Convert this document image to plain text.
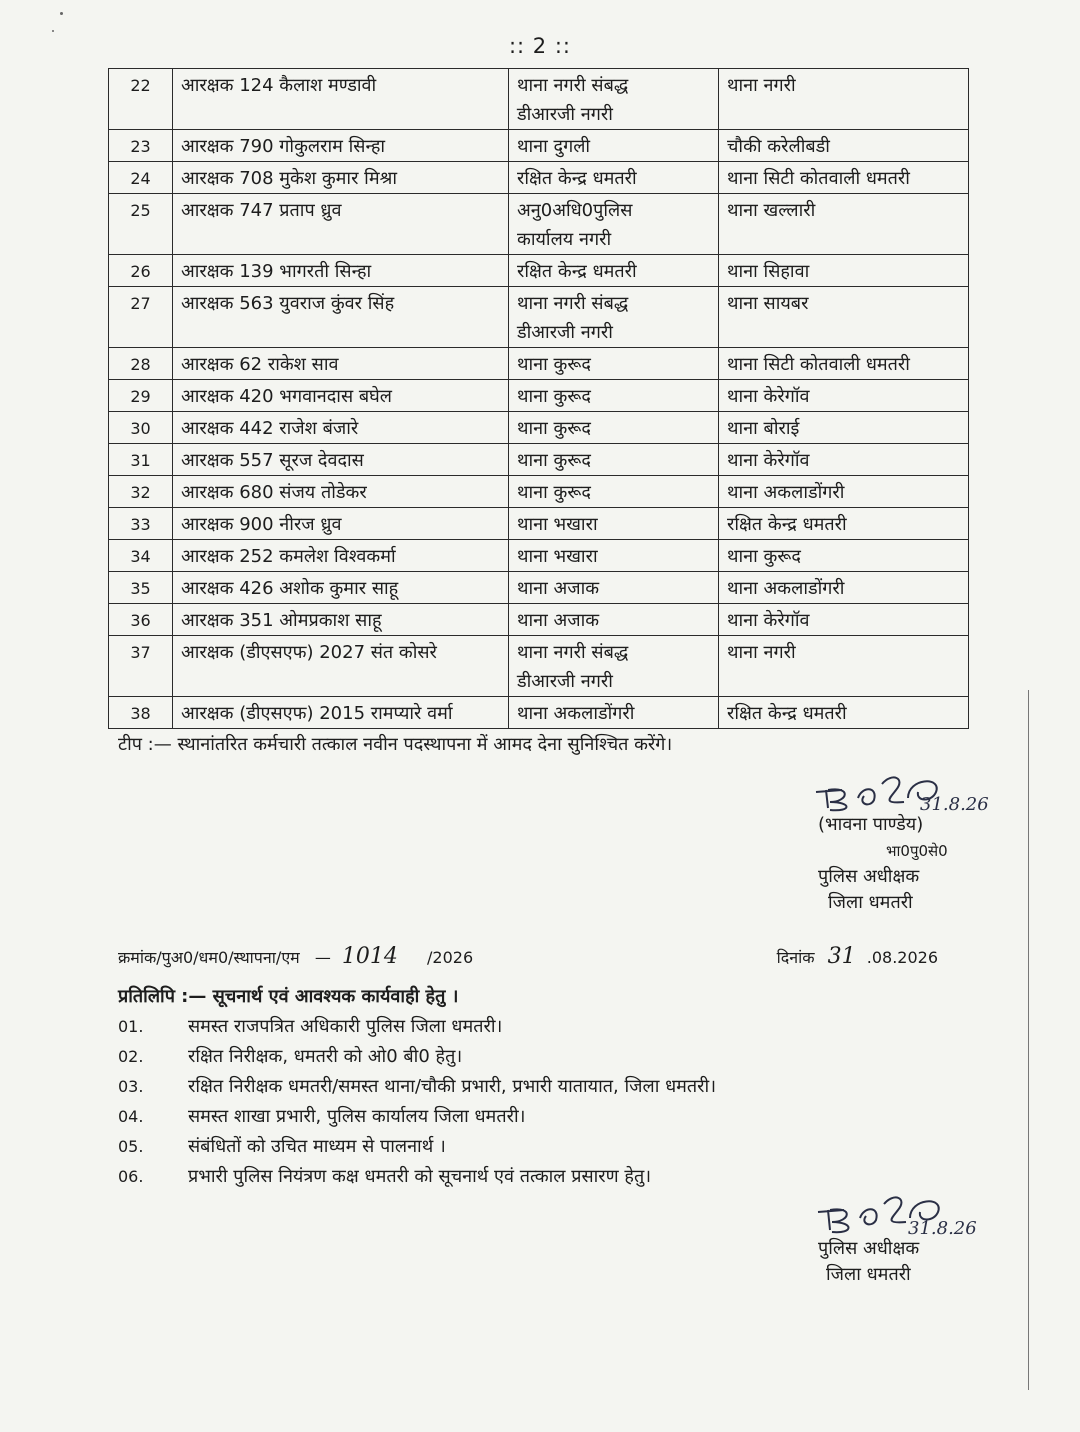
:: 2 ::
22	आरक्षक 124 कैलाश मण्डावी	थाना नगरी संबद्ध
डीआरजी नगरी	थाना नगरी
23	आरक्षक 790 गोकुलराम सिन्हा	थाना दुगली	चौकी करेलीबडी
24	आरक्षक 708 मुकेश कुमार मिश्रा	रक्षित केन्द्र धमतरी	थाना सिटी कोतवाली धमतरी
25	आरक्षक 747 प्रताप ध्रुव	अनु0अधि0पुलिस
कार्यालय नगरी	थाना खल्लारी
26	आरक्षक 139 भागरती सिन्हा	रक्षित केन्द्र धमतरी	थाना सिहावा
27	आरक्षक 563 युवराज कुंवर सिंह	थाना नगरी संबद्ध
डीआरजी नगरी	थाना सायबर
28	आरक्षक 62 राकेश साव	थाना कुरूद	थाना सिटी कोतवाली धमतरी
29	आरक्षक 420 भगवानदास बघेल	थाना कुरूद	थाना केरेगॉव
30	आरक्षक 442 राजेश बंजारे	थाना कुरूद	थाना बोराई
31	आरक्षक 557 सूरज देवदास	थाना कुरूद	थाना केरेगॉव
32	आरक्षक 680 संजय तोडेकर	थाना कुरूद	थाना अकलाडोंगरी
33	आरक्षक 900 नीरज ध्रुव	थाना भखारा	रक्षित केन्द्र धमतरी
34	आरक्षक 252 कमलेश विश्वकर्मा	थाना भखारा	थाना कुरूद
35	आरक्षक 426 अशोक कुमार साहू	थाना अजाक	थाना अकलाडोंगरी
36	आरक्षक 351 ओमप्रकाश साहू	थाना अजाक	थाना केरेगॉव
37	आरक्षक (डीएसएफ) 2027 संत कोसरे	थाना नगरी संबद्ध
डीआरजी नगरी	थाना नगरी
38	आरक्षक (डीएसएफ) 2015 रामप्यारे वर्मा	थाना अकलाडोंगरी	रक्षित केन्द्र धमतरी
टीप :— स्थानांतरित कर्मचारी तत्काल नवीन पदस्थापना में आमद देना सुनिश्चित करेंगे।
31.8.26
(भावना पाण्डेय)
भा0पु0से0
पुलिस अधीक्षक
जिला धमतरी
क्रमांक/पुअ0/धम0/स्थापना/एम — 1014 /2026	दिनांक 31 .08.2026
प्रतिलिपि :— सूचनार्थ एवं आवश्यक कार्यवाही हेतु ।
01. समस्त राजपत्रित अधिकारी पुलिस जिला धमतरी।
02. रक्षित निरीक्षक, धमतरी को ओ0 बी0 हेतु।
03. रक्षित निरीक्षक धमतरी/समस्त थाना/चौकी प्रभारी, प्रभारी यातायात, जिला धमतरी।
04. समस्त शाखा प्रभारी, पुलिस कार्यालय जिला धमतरी।
05. संबंधितों को उचित माध्यम से पालनार्थ ।
06. प्रभारी पुलिस नियंत्रण कक्ष धमतरी को सूचनार्थ एवं तत्काल प्रसारण हेतु।
31.8.26
पुलिस अधीक्षक
जिला धमतरी
